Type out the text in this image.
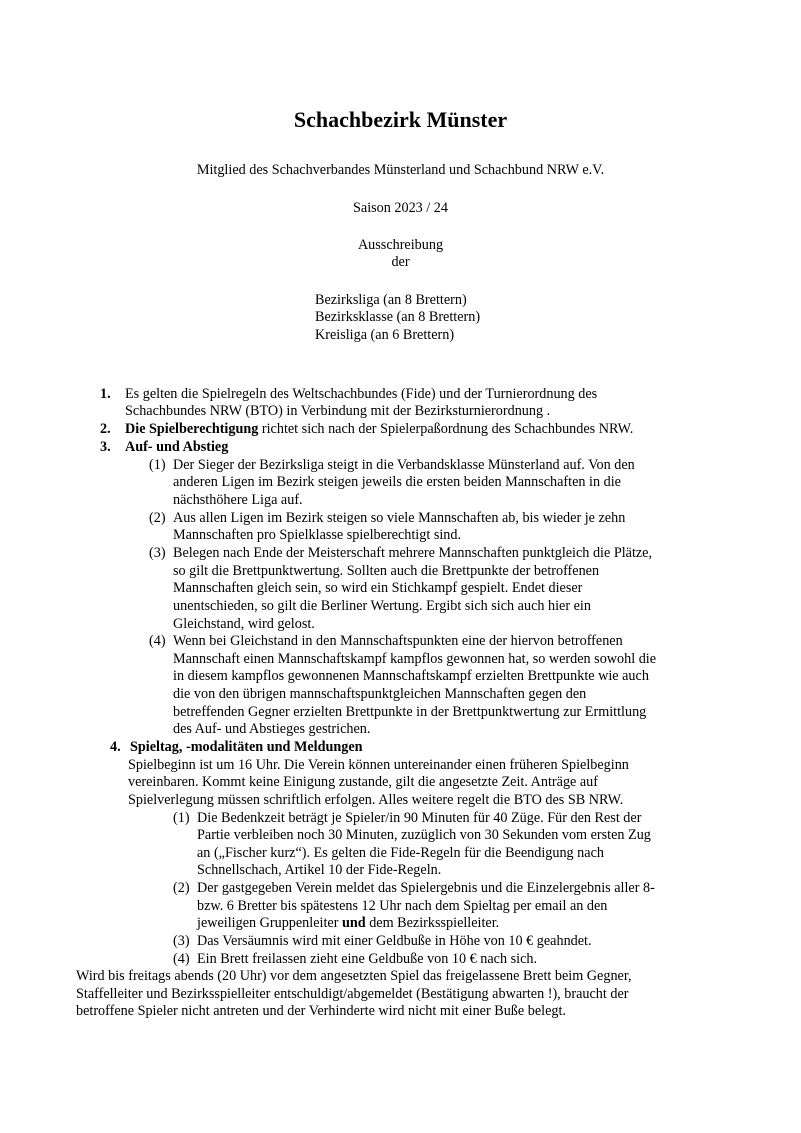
Schachbezirk Münster
Mitglied des Schachverbandes Münsterland und Schachbund NRW e.V.
Saison 2023 / 24
Ausschreibung
der
Bezirksliga (an 8 Brettern)
Bezirksklasse (an 8 Brettern)
Kreisliga (an 6 Brettern)
1. Es gelten die Spielregeln des Weltschachbundes (Fide) und der Turnierordnung des
Schachbundes NRW (BTO) in Verbindung mit der Bezirksturnierordnung .
2. Die Spielberechtigung richtet sich nach der Spielerpaßordnung des Schachbundes NRW.
3. Auf- und Abstieg
(1) Der Sieger der Bezirksliga steigt in die Verbandsklasse Münsterland auf. Von den
anderen Ligen im Bezirk steigen jeweils die ersten beiden Mannschaften in die
nächsthöhere Liga auf.
(2) Aus allen Ligen im Bezirk steigen so viele Mannschaften ab, bis wieder je zehn
Mannschaften pro Spielklasse spielberechtigt sind.
(3) Belegen nach Ende der Meisterschaft mehrere Mannschaften punktgleich die Plätze,
so gilt die Brettpunktwertung. Sollten auch die Brettpunkte der betroffenen
Mannschaften gleich sein, so wird ein Stichkampf gespielt. Endet dieser
unentschieden, so gilt die Berliner Wertung. Ergibt sich sich auch hier ein
Gleichstand, wird gelost.
(4) Wenn bei Gleichstand in den Mannschaftspunkten eine der hiervon betroffenen
Mannschaft einen Mannschaftskampf kampflos gewonnen hat, so werden sowohl die
in diesem kampflos gewonnenen Mannschaftskampf erzielten Brettpunkte wie auch
die von den übrigen mannschaftspunktgleichen Mannschaften gegen den
betreffenden Gegner erzielten Brettpunkte in der Brettpunktwertung zur Ermittlung
des Auf- und Abstieges gestrichen.
4. Spieltag, -modalitäten und Meldungen
Spielbeginn ist um 16 Uhr. Die Verein können untereinander einen früheren Spielbeginn
vereinbaren. Kommt keine Einigung zustande, gilt die angesetzte Zeit. Anträge auf
Spielverlegung müssen schriftlich erfolgen. Alles weitere regelt die BTO des SB NRW.
(1) Die Bedenkzeit beträgt je Spieler/in 90 Minuten für 40 Züge. Für den Rest der
Partie verbleiben noch 30 Minuten, zuzüglich von 30 Sekunden vom ersten Zug
an („Fischer kurz“). Es gelten die Fide-Regeln für die Beendigung nach
Schnellschach, Artikel 10 der Fide-Regeln.
(2) Der gastgegeben Verein meldet das Spielergebnis und die Einzelergebnis aller 8-
bzw. 6 Bretter bis spätestens 12 Uhr nach dem Spieltag per email an den
jeweiligen Gruppenleiter und dem Bezirksspielleiter.
(3) Das Versäumnis wird mit einer Geldbuße in Höhe von 10 € geahndet.
(4) Ein Brett freilassen zieht eine Geldbuße von 10 € nach sich.
Wird bis freitags abends (20 Uhr) vor dem angesetzten Spiel das freigelassene Brett beim Gegner,
Staffelleiter und Bezirksspielleiter entschuldigt/abgemeldet (Bestätigung abwarten !), braucht der
betroffene Spieler nicht antreten und der Verhinderte wird nicht mit einer Buße belegt.
